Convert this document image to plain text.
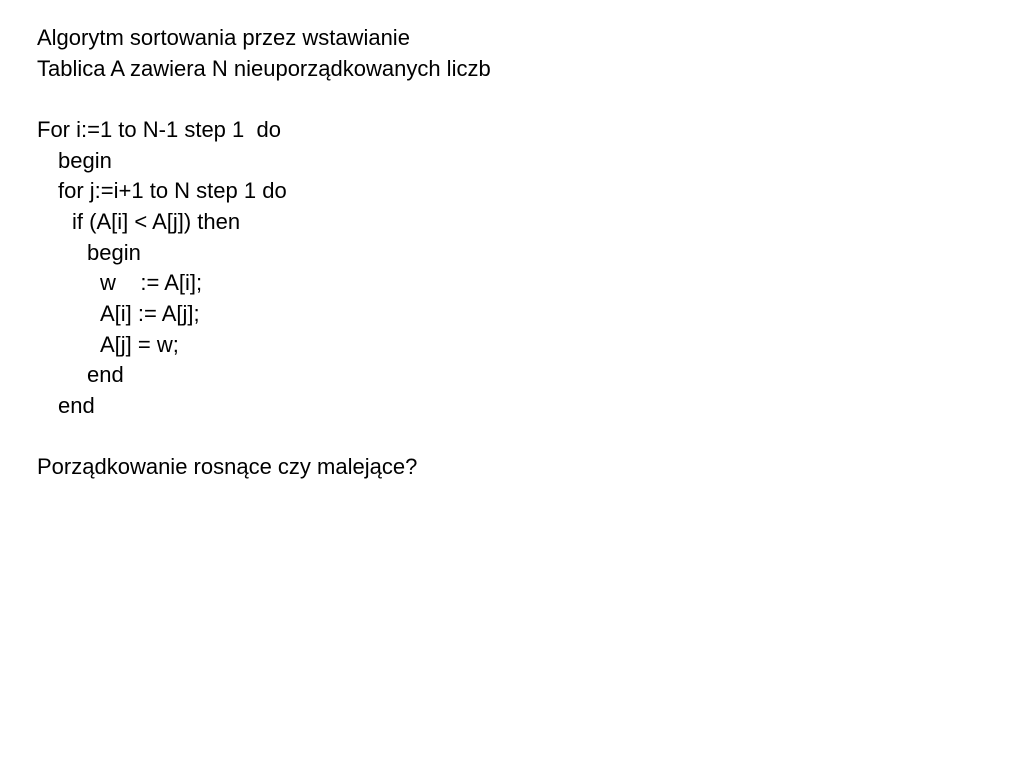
Algorytm sortowania przez wstawianie
Tablica A zawiera N nieuporządkowanych liczb
For i:=1 to N-1 step 1  do
begin
for j:=i+1 to N step 1 do
if (A[i] < A[j]) then
begin
w    := A[i];
A[i] := A[j];
A[j] = w;
end
end
Porządkowanie rosnące czy malejące?
